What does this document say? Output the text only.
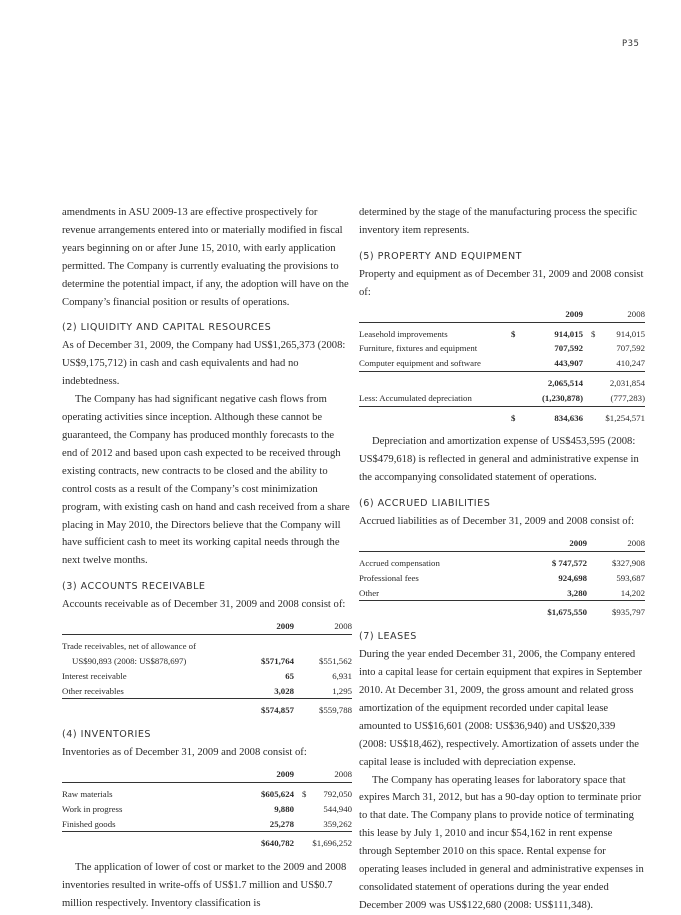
P35

amendments in ASU 2009-13 are effective prospectively for revenue arrangements entered into or materially modified in fiscal years beginning on or after June 15, 2010, with early application permitted. The Company is currently evaluating the provisions to determine the potential impact, if any, the adoption will have on the Company’s financial position or results of operations.

(2) LIQUIDITY AND CAPITAL RESOURCES

As of December 31, 2009, the Company had US$1,265,373 (2008: US$9,175,712) in cash and cash equivalents and had no indebtedness.

The Company has had significant negative cash flows from operating activities since inception. Although these cannot be guaranteed, the Company has produced monthly forecasts to the end of 2012 and based upon cash expected to be received through existing contracts, new contracts to be closed and the ability to control costs as a result of the Company’s cost minimization program, with existing cash on hand and cash received from a share placing in May 2010, the Directors believe that the Company will have sufficient cash to meet its working capital needs through the next twelve months.

(3) ACCOUNTS RECEIVABLE

Accounts receivable as of December 31, 2009 and 2008 consist of:

	2009	2008
Trade receivables, net of allowance of		
US$90,893 (2008: US$878,697)	$571,764	$551,562
Interest receivable	65	6,931
Other receivables	3,028	1,295
	$574,857	$559,788
(4) INVENTORIES

Inventories as of December 31, 2009 and 2008 consist of:

	2009	2008
Raw materials	$605,624	$ 792,050
Work in progress	9,880	544,940
Finished goods	25,278	359,262
	$640,782	$1,696,252

The application of lower of cost or market to the 2009 and 2008 inventories resulted in write-offs of US$1.7 million and US$0.7 million respectively. Inventory classification is

determined by the stage of the manufacturing process the specific inventory item represents.

(5) PROPERTY AND EQUIPMENT

Property and equipment as of December 31, 2009 and 2008 consist of:

	2009	2008
Leasehold improvements	$ 914,015	$ 914,015
Furniture, fixtures and equipment	707,592	707,592
Computer equipment and software	443,907	410,247
	2,065,514	2,031,854
Less: Accumulated depreciation	(1,230,878)	(777,283)

	$ 834,636	$1,254,571

Depreciation and amortization expense of US$453,595 (2008: US$479,618) is reflected in general and administrative expense in the accompanying consolidated statement of operations.

(6) ACCRUED LIABILITIES

Accrued liabilities as of December 31, 2009 and 2008 consist of:

	2009	2008
Accrued compensation	$ 747,572	$327,908
Professional fees	924,698	593,687
Other	3,280	14,202
	$1,675,550	$935,797
(7) LEASES

During the year ended December 31, 2006, the Company entered into a capital lease for certain equipment that expires in September 2010. At December 31, 2009, the gross amount and related gross amortization of the equipment recorded under capital lease amounted to US$16,601 (2008: US$36,940) and US$20,339 (2008: US$18,462), respectively. Amortization of assets under the capital lease is included with depreciation expense.

The Company has operating leases for laboratory space that expires March 31, 2012, but has a 90-day option to terminate prior to that date. The Company plans to provide notice of terminating this lease by July 1, 2010 and incur $54,162 in rent expense through September 2010 on this space. Rental expense for operating leases included in general and administrative expenses in consolidated statement of operations during the year ended December 2009 was US$122,680 (2008: US$111,348).
